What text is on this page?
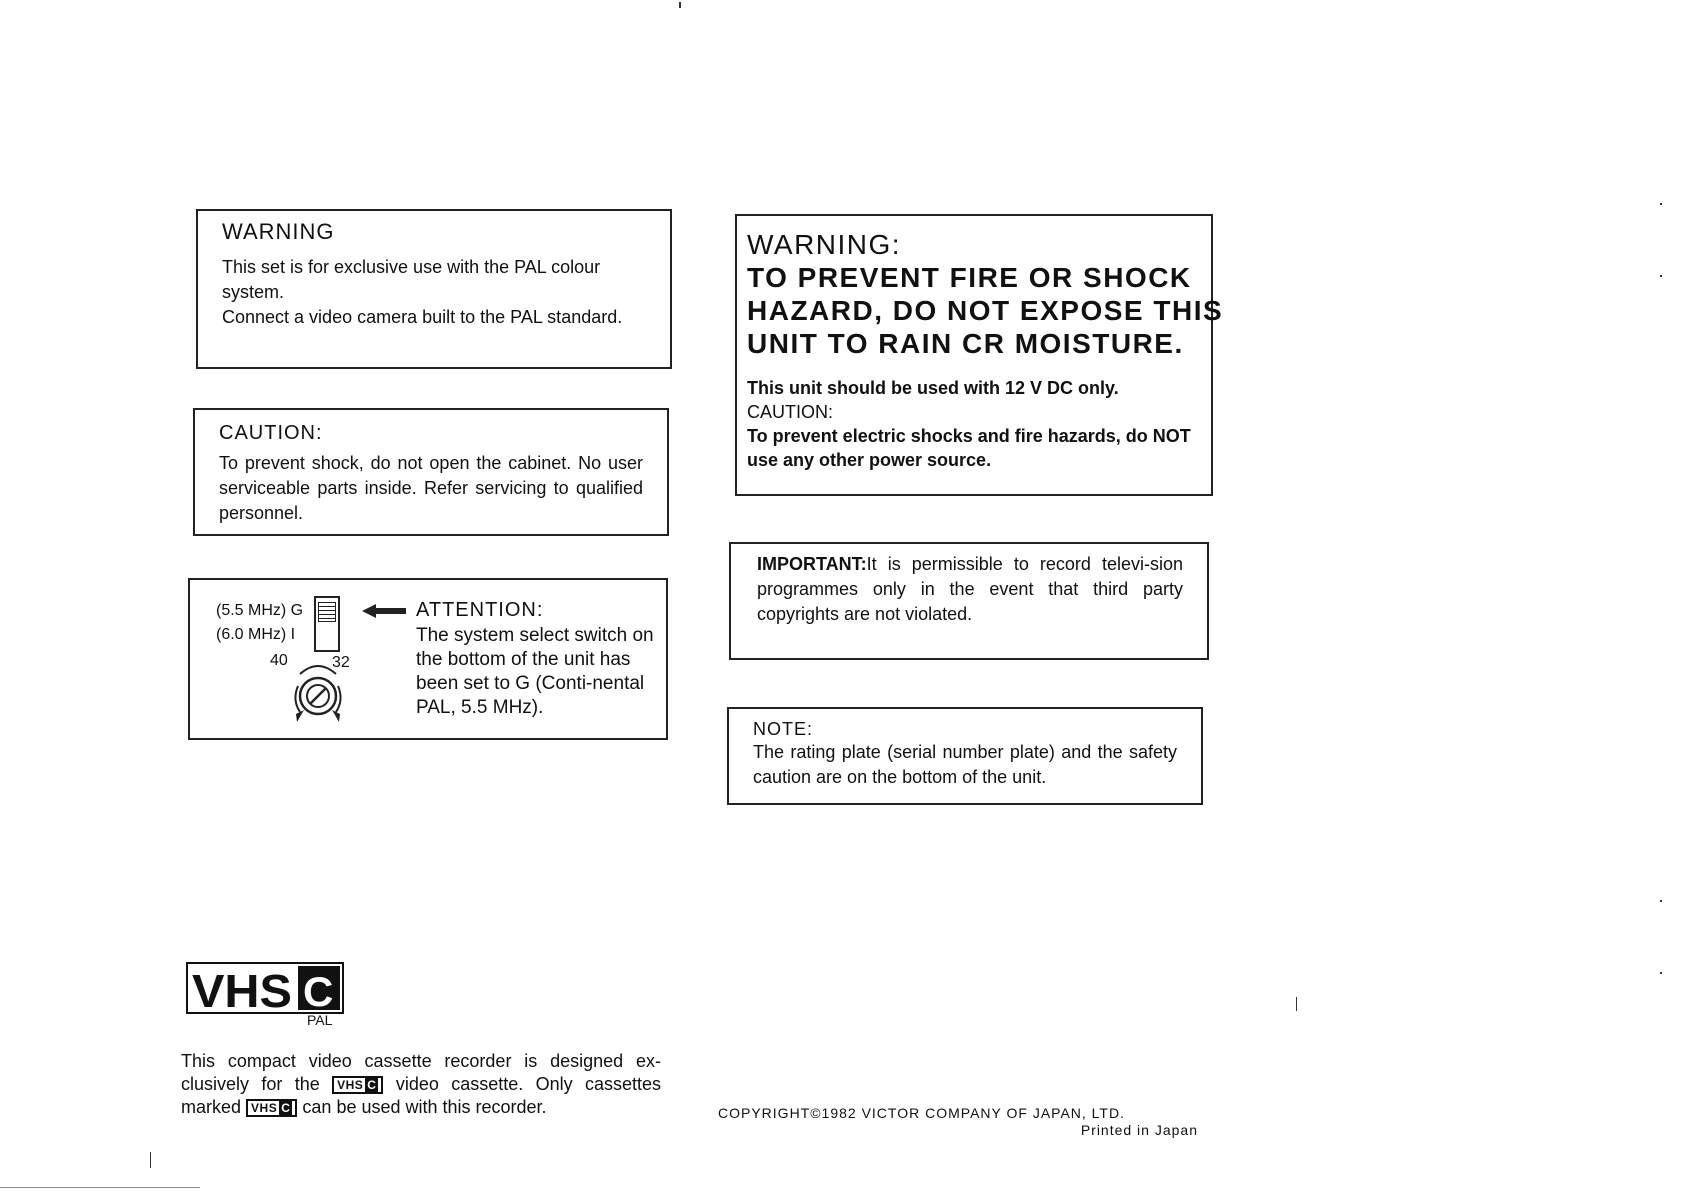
WARNING

This set is for exclusive use with the PAL colour system.

Connect a video camera built to the PAL standard.

CAUTION:

To prevent shock, do not open the cabinet. No user serviceable parts inside. Refer servicing to qualified personnel.

(5.5 MHz) G
(6.0 MHz) I
40	32

ATTENTION:

The system select switch on the bottom of the unit has been set to G (Conti-nental PAL, 5.5 MHz).

WARNING:

TO PREVENT FIRE OR SHOCK

HAZARD, DO NOT EXPOSE THIS

UNIT TO RAIN CR MOISTURE.

This unit should be used with 12 V DC only.

CAUTION:

To prevent electric shocks and fire hazards, do NOT use any other power source.

IMPORTANT:It is permissible to record televi-sion programmes only in the event that third party copyrights are not violated.

NOTE:

The rating plate (serial number plate) and the safety caution are on the bottom of the unit.

VHS C
PAL

This compact video cassette recorder is designed ex-clusively for the VHS C video cassette. Only cassettes marked VHS C can be used with this recorder.	COPYRIGHT©1982 VICTOR COMPANY OF JAPAN, LTD.
Printed in Japan
